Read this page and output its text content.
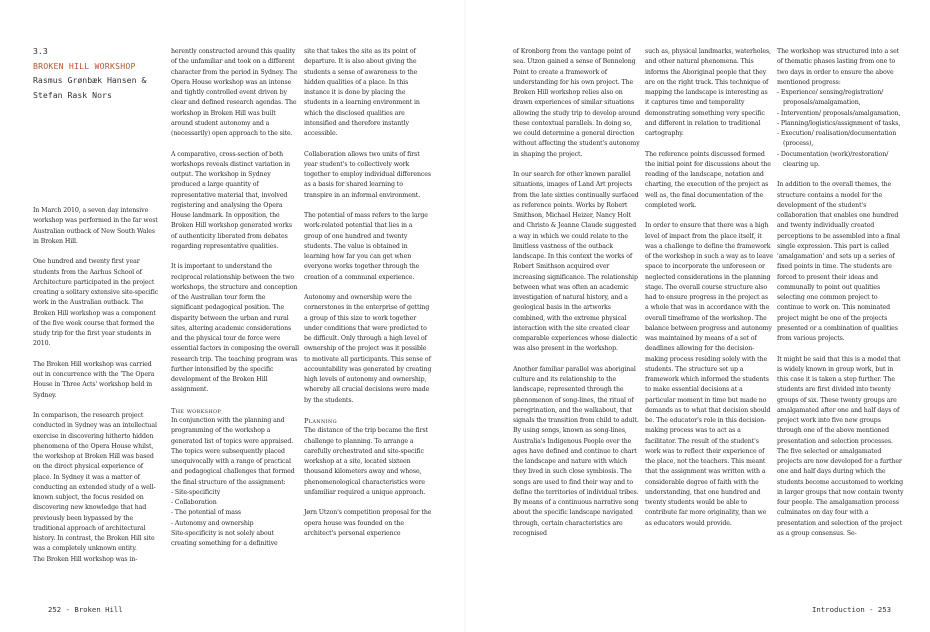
3.3
BROKEN HILL WORKSHOP
Rasmus Grønbæk Hansen &
Stefan Rask Nors

In March 2010, a seven day intensive workshop was performed in the far west Australian outback of New South Wales in Broken Hill.

One hundred and twenty first year students from the Aarhus School of Architecture participated in the project creating a solitary extensive site-specific work in the Australian outback. The Broken Hill workshop was a component of the five week course that formed the study trip for the first year students in 2010.

The Broken Hill workshop was carried out in concurrence with the 'The Opera House in Three Acts' workshop held in Sydney.

In comparison, the research project conducted in Sydney was an intellectual exercise in discovering hitherto hidden phenomena of the Opera House whilst, the workshop at Broken Hill was based on the direct physical experience of place. In Sydney it was a matter of conducting an extended study of a well-known subject, the focus resided on discovering new knowledge that had previously been bypassed by the traditional approach of architectural history. In contrast, the Broken Hill site was a completely unknown entity.

The Broken Hill workshop was in-

herently constructed around this quality of the unfamiliar and took on a different character from the period in Sydney. The Opera House workshop was an intense and tightly controlled event driven by clear and defined research agendas. The workshop in Broken Hill was built around student autonomy and a (necessarily) open approach to the site.

A comparative, cross-section of both workshops reveals distinct variation in output. The workshop in Sydney produced a large quantity of representative material that, involved registering and analysing the Opera House landmark. In opposition, the Broken Hill workshop generated works of authenticity liberated from debates regarding representative qualities.

It is important to understand the reciprocal relationship between the two workshops, the structure and conception of the Australian tour form the significant pedagogical position. The disparity between the urban and rural sites, altering academic considerations and the physical tour de force were essential factors in composing the overall research trip. The teaching program was further intensified by the specific development of the Broken Hill assignment.

The workshop

In conjunction with the planning and programming of the workshop a generated list of topics were appraised. The topics were subsequently placed unequivocally with a range of practical and pedagogical challenges that formed the final structure of the assignment:

- Site-specificity
- Collaboration
- The potential of mass
- Autonomy and ownership

Site-specificity is not solely about creating something for a definitive

site that takes the site as its point of departure. It is also about giving the students a sense of awareness to the hidden qualities of a place. In this instance it is done by placing the students in a learning environment in which the disclosed qualities are intensified and therefore instantly accessible.

Collaboration allows two units of first year student's to collectively work together to employ individual differences as a basis for shared learning to transpire in an informal environment.

The potential of mass refers to the large work-related potential that lies in a group of one hundred and twenty students. The value is obtained in learning how far you can get when everyone works together through the creation of a communal experience.

Autonomy and ownership were the cornerstones in the enterprise of getting a group of this size to work together under conditions that were predicted to be difficult. Only through a high level of ownership of the project was it possible to motivate all participants. This sense of accountability was generated by creating high levels of autonomy and ownership, whereby all crucial decisions were made by the students.

Planning

The distance of the trip became the first challenge to planning. To arrange a carefully orchestrated and site-specific workshop at a site, located sixteen thousand kilometers away and whose, phenomenological characteristics were unfamiliar required a unique approach.

Jørn Utzon's competition proposal for the opera house was founded on the architect's personal experience

of Kronborg from the vantage point of sea. Utzon gained a sense of Bennelong Point to create a framework of understanding for his own project. The Broken Hill workshop relies also on drawn experiences of similar situations allowing the study trip to develop around these contextual parallels. In doing so, we could determine a general direction without affecting the student's autonomy in shaping the project.

In our search for other known parallel situations, images of Land Art projects from the late sixties continually surfaced as reference points. Works by Robert Smithson, Michael Heizer, Nancy Holt and Christo & Jeanne Claude suggested a way in which we could relate to the limitless vastness of the outback landscape. In this context the works of Robert Smithson acquired ever increasing significance. The relationship between what was often an academic investigation of natural history, and a geological basis in the artworks combined, with the extreme physical interaction with the site created clear comparable experiences whose dialectic was also present in the workshop.

Another familiar parallel was aboriginal culture and its relationship to the landscape, represented through the phenomenon of song-lines, the ritual of peregrination, and the walkabout, that signals the transition from child to adult. By using songs, known as song-lines, Australia's Indigenous People over the ages have defined and continue to chart the landscape and nature with which they lived in such close symbiosis. The songs are used to find their way and to define the territories of individual tribes. By means of a continuous narrative song about the specific landscape navigated through, certain characteristics are recognised

such as, physical landmarks, waterholes, and other natural phenomena. This informs the Aboriginal people that they are on the right track. This technique of mapping the landscape is interesting as it captures time and temporality demonstrating something very specific and different in relation to traditional cartography.

The reference points discussed formed the initial point for discussions about the reading of the landscape, notation and charting, the execution of the project as well as, the final documentation of the completed work.

In order to ensure that there was a high level of impact from the place itself, it was a challenge to define the framework of the workshop in such a way as to leave space to incorporate the unforeseen or neglected considerations in the planning stage. The overall course structure also had to ensure progress in the project as a whole that was in accordance with the overall timeframe of the workshop. The balance between progress and autonomy was maintained by means of a set of deadlines allowing for the decision-making process residing solely with the students. The structure set up a framework which informed the students to make essential decisions at a particular moment in time but made no demands as to what that decision should be. The educator's role in this decision-making process was to act as a facilitator. The result of the student's work was to reflect their experience of the place, not the teachers. This meant that the assignment was written with a considerable degree of faith with the understanding, that one hundred and twenty students would be able to contribute far more originality, than we as educators would provide.

The workshop was structured into a set of thematic phases lasting from one to two days in order to ensure the above mentioned progress:

- Experience/ sensing/registration/ proposals/amalgamation,
- Intervention/ proposals/amalgamation,
- Planning/logistics/assignment of tasks,
- Execution/ realisation/documentation (process),
- Documentation (work)/restoration/ clearing up.

In addition to the overall themes, the structure contains a model for the development of the student's collaboration that enables one hundred and twenty individually created perceptions to be assembled into a final single expression. This part is called 'amalgamation' and sets up a series of fixed points in time. The students are forced to present their ideas and communally to point out qualities selecting one common project to continue to work on. This nominated project might be one of the projects presented or a combination of qualities from various projects.

It might be said that this is a model that is widely known in group work, but in this case it is taken a step further. The students are first divided into twenty groups of six. These twenty groups are amalgamated after one and half days of project work into five new groups through one of the above mentioned presentation and selection processes. The five selected or amalgamated projects are now developed for a further one and half days during which the students become accustomed to working in larger groups that now contain twenty four people. The amalgamation process culminates on day four with a presentation and selection of the project as a group consensus. Se-

252 - Broken Hill	Introduction - 253
